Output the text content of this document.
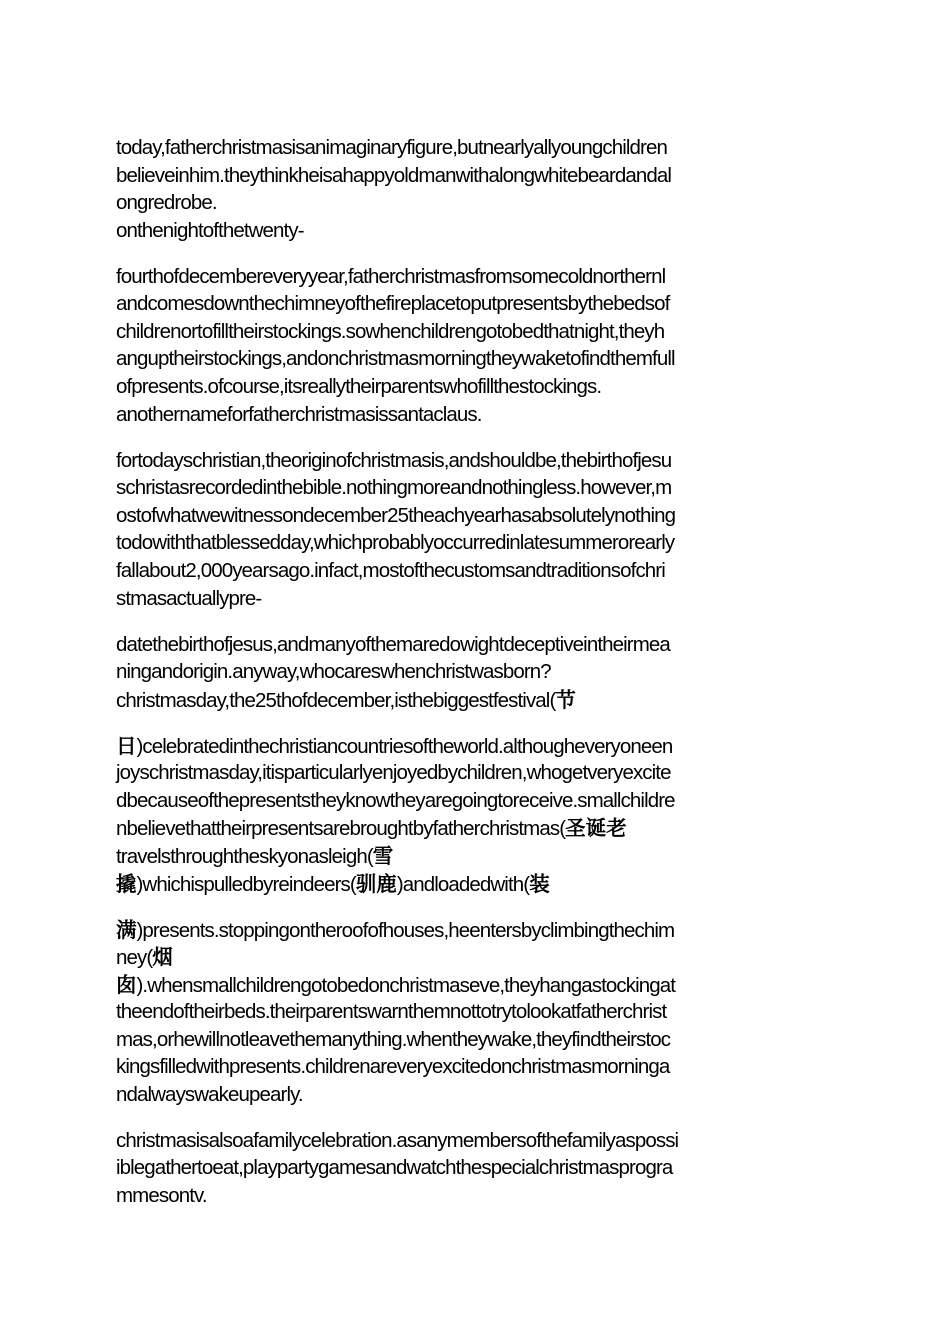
today,fatherchristmasisanimaginaryfigure,butnearlyallyoungchildren
believeinhim.theythinkheisahappyoldmanwithalongwhitebeardandal
ongredrobe.
onthenightofthetwenty-
fourthofdecembereveryyear,fatherchristmasfromsomecoldnorthernl
andcomesdownthechimneyofthefireplacetoputpresentsbythebedsof
childrenortofilltheirstockings.sowhenchildrengotobedthatnight,theyh
anguptheirstockings,andonchristmasmorningtheywaketofindthemfull
ofpresents.ofcourse,itsreallytheirparentswhofillthestockings.
anothernameforfatherchristmasissantaclaus.
fortodayschristian,theoriginofchristmasis,andshouldbe,thebirthofjesu
schristasrecordedinthebible.nothingmoreandnothingless.however,m
ostofwhatwewitnessondecember25theachyearhasabsolutelynothing
todowiththatblessedday,whichprobablyoccurredinlatesummerorearly
fallabout2,000yearsago.infact,mostofthecustomsandtraditionsofchri
stmasactuallypre-
datethebirthofjesus,andmanyofthemaredowightdeceptiveintheirmea
ningandorigin.anyway,whocareswhenchristwasborn?
christmasday,the25thofdecember,isthebiggestfestival(节
日)celebratedinthechristiancountriesoftheworld.althougheveryoneen
joyschristmasday,itisparticularlyenjoyedbychildren,whogetveryexcite
dbecauseofthepresentstheyknowtheyaregoingtoreceive.smallchildre
nbelievethattheirpresentsarebroughtbyfatherchristmas(圣诞老
travelsthroughtheskyonasleigh(雪
撬)whichispulledbyreindeers(驯鹿)andloadedwith(装
满)presents.stoppingontheroofofhouses,heentersbyclimbingthechim
ney(烟
囱).whensmallchildrengotobedonchristmaseve,theyhangastockingat
theendoftheirbeds.theirparentswarnthemnottotrytolookatfatherchrist
mas,orhewillnotleavethemanything.whentheywake,theyfindtheirstoc
kingsfilledwithpresents.childrenareveryexcitedonchristmasmorninga
ndalwayswakeupearly.
christmasisalsoafamilycelebration.asanymembersofthefamilyaspossi
iblegathertoeat,playpartygamesandwatchthespecialchristmasprogra
mmesontv.
